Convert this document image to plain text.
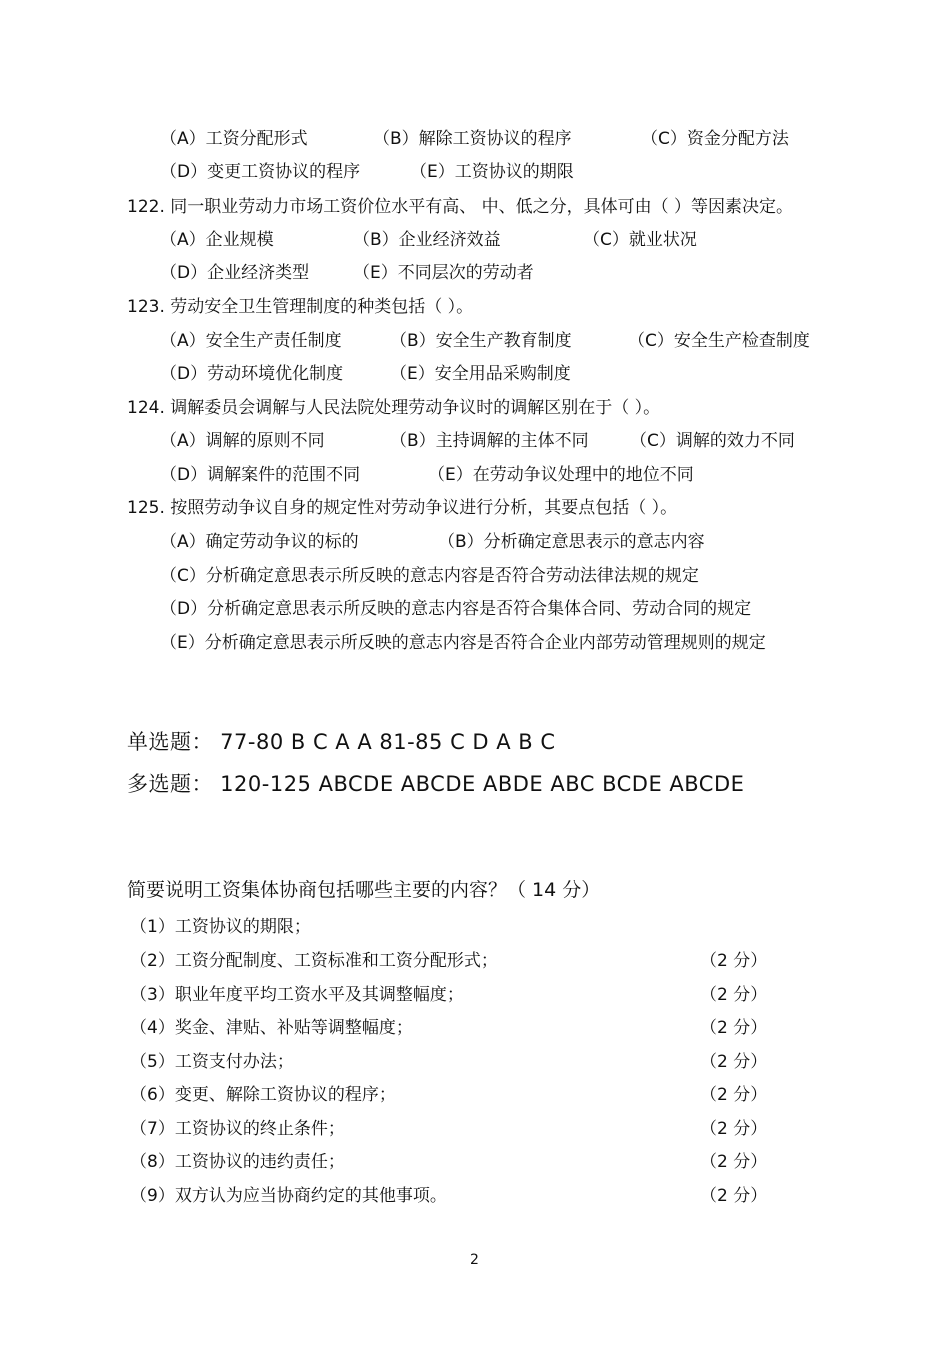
（A）工资分配形式	（B）解除工资协议的程序	（C）资金分配方法
（D）变更工资协议的程序	（E）工资协议的期限
122. 同一职业劳动力市场工资价位水平有高、 中、低之分，具体可由（ ）等因素决定。
（A）企业规模	（B）企业经济效益	（C）就业状况
（D）企业经济类型	（E）不同层次的劳动者
123. 劳动安全卫生管理制度的种类包括（ ）。
（A）安全生产责任制度	（B）安全生产教育制度	（C）安全生产检查制度
（D）劳动环境优化制度	（E）安全用品采购制度
124. 调解委员会调解与人民法院处理劳动争议时的调解区别在于（ ）。
（A）调解的原则不同	（B）主持调解的主体不同 （C）调解的效力不同
（D）调解案件的范围不同	（E）在劳动争议处理中的地位不同
125. 按照劳动争议自身的规定性对劳动争议进行分析，其要点包括（ ）。
（A）确定劳动争议的标的	（B）分析确定意思表示的意志内容
（C）分析确定意思表示所反映的意志内容是否符合劳动法律法规的规定
（D）分析确定意思表示所反映的意志内容是否符合集体合同、劳动合同的规定
（E）分析确定意思表示所反映的意志内容是否符合企业内部劳动管理规则的规定
单选题： 77-80 B C A A 81-85 C D A B C
多选题： 120-125 ABCDE ABCDE ABDE ABC BCDE ABCDE
简要说明工资集体协商包括哪些主要的内容？（ 14 分）
（1）工资协议的期限；
（2）工资分配制度、工资标准和工资分配形式；	（2 分）
（3）职业年度平均工资水平及其调整幅度；	（2 分）
（4）奖金、津贴、补贴等调整幅度；	（2 分）
（5）工资支付办法；	（2 分）
（6）变更、解除工资协议的程序；	（2 分）
（7）工资协议的终止条件；	（2 分）
（8）工资协议的违约责任；	（2 分）
（9）双方认为应当协商约定的其他事项。	（2 分）
2
